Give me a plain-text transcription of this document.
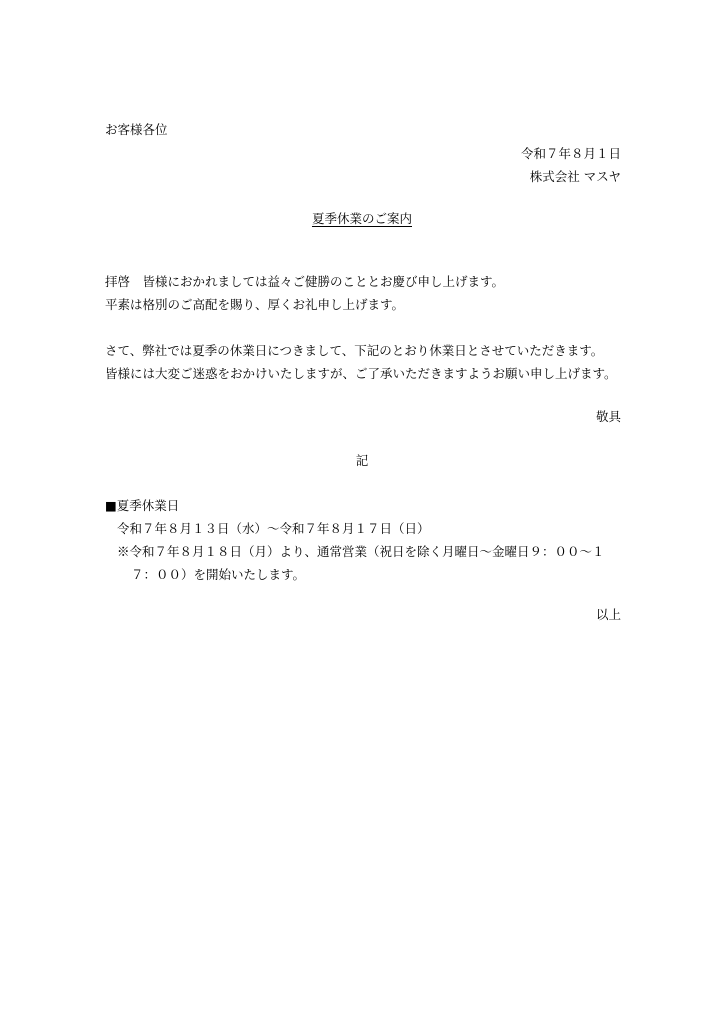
お客様各位
令和７年８月１日
株式会社 マスヤ
夏季休業のご案内
拝啓　皆様におかれましては益々ご健勝のこととお慶び申し上げます。
平素は格別のご高配を賜り、厚くお礼申し上げます。
さて、弊社では夏季の休業日につきまして、下記のとおり休業日とさせていただきます。
皆様には大変ご迷惑をおかけいたしますが、ご了承いただきますようお願い申し上げます。
敬具
記
■夏季休業日
令和７年８月１３日（水）～令和７年８月１７日（日）
※令和７年８月１８日（月）より、通常営業（祝日を除く月曜日～金曜日９：００～１
７：００）を開始いたします。
以上
